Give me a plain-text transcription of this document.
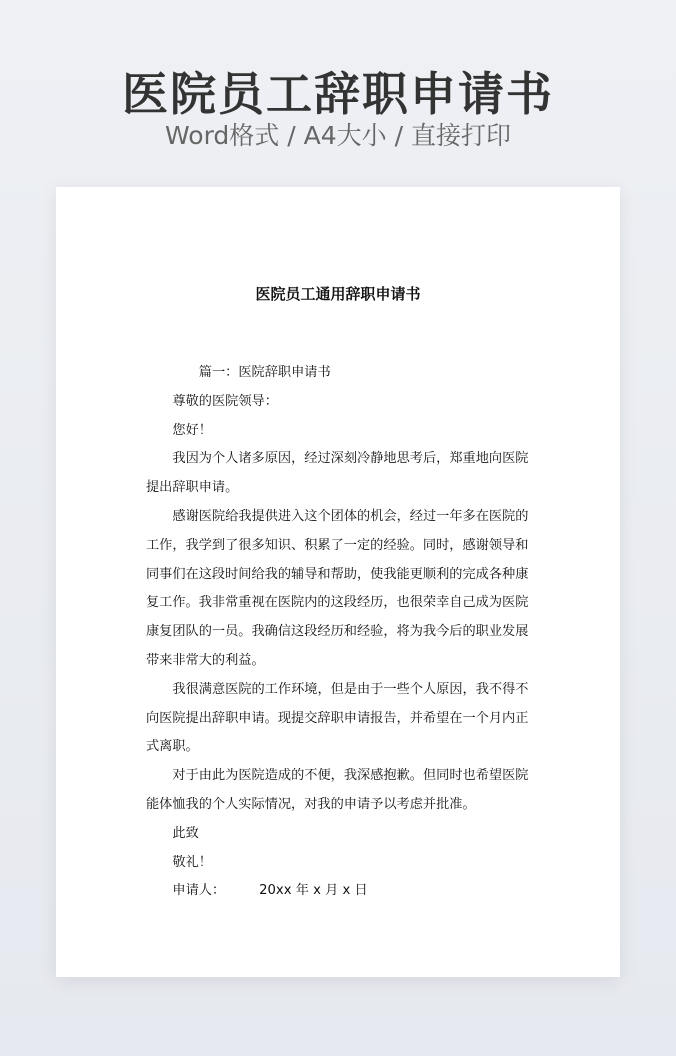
医院员工辞职申请书
Word格式 / A4大小 / 直接打印
医院员工通用辞职申请书

篇一：医院辞职申请书

尊敬的医院领导：

您好！

我因为个人诸多原因，经过深刻冷静地思考后，郑重地向医院提出辞职申请。

感谢医院给我提供进入这个团体的机会，经过一年多在医院的工作，我学到了很多知识、积累了一定的经验。同时，感谢领导和同事们在这段时间给我的辅导和帮助，使我能更顺利的完成各种康复工作。我非常重视在医院内的这段经历，也很荣幸自己成为医院康复团队的一员。我确信这段经历和经验，将为我今后的职业发展带来非常大的利益。

我很满意医院的工作环境，但是由于一些个人原因，我不得不向医院提出辞职申请。现提交辞职申请报告，并希望在一个月内正式离职。

对于由此为医院造成的不便，我深感抱歉。但同时也希望医院能体恤我的个人实际情况，对我的申请予以考虑并批准。

此致

敬礼！

申请人：	20xx 年 x 月 x 日
